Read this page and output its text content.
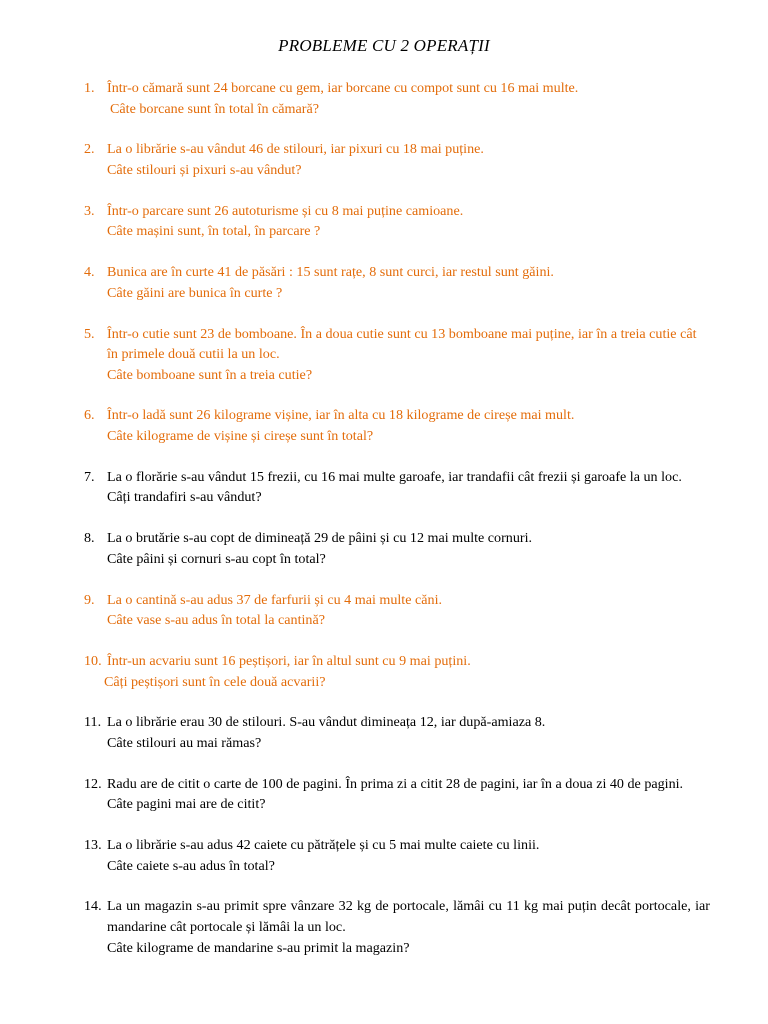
PROBLEME CU 2 OPERAȚII
1. Într-o cămară sunt 24 borcane cu gem, iar borcane cu compot sunt cu 16 mai multe.
Câte borcane sunt în total în cămară?
2. La o librărie s-au vândut 46 de stilouri, iar pixuri cu 18 mai puține.
Câte stilouri și pixuri s-au vândut?
3. Într-o parcare sunt 26 autoturisme și cu 8 mai puține camioane.
Câte mașini sunt, în total, în parcare ?
4. Bunica are în curte 41 de păsări : 15 sunt rațe, 8 sunt curci, iar restul sunt găini.
Câte găini are bunica în curte ?
5. Într-o cutie sunt 23 de bomboane. În a doua cutie sunt cu 13 bomboane mai puține, iar în a treia cutie cât în primele două cutii la un loc.
Câte bomboane sunt în a treia cutie?
6. Într-o ladă sunt 26 kilograme vișine, iar în alta cu 18 kilograme de cireșe mai mult.
Câte kilograme de vișine și cireșe sunt în total?
7. La o florărie s-au vândut 15 frezii, cu 16 mai multe garoafe, iar trandafii cât frezii și garoafe la un loc.
Câți trandafiri s-au vândut?
8. La o brutărie s-au copt de dimineață 29 de pâini și cu 12 mai multe cornuri.
Câte pâini și cornuri s-au copt în total?
9. La o cantină s-au adus 37 de farfurii și cu 4 mai multe căni.
Câte vase s-au adus în total la cantină?
10. Într-un acvariu sunt 16 peștișori, iar în altul sunt cu 9 mai puțini.
Câți peștișori sunt în cele două acvarii?
11. La o librărie erau 30 de stilouri. S-au vândut dimineața 12, iar după-amiaza 8.
Câte stilouri au mai rămas?
12. Radu are de citit o carte de 100 de pagini. În prima zi a citit 28 de pagini, iar în a doua zi 40 de pagini.
Câte pagini mai are de citit?
13. La o librărie s-au adus 42 caiete cu pătrățele și cu 5 mai multe caiete cu linii.
Câte caiete s-au adus în total?
14. La un magazin s-au primit spre vânzare 32 kg de portocale, lămâi cu 11 kg mai puțin decât portocale, iar mandarine cât portocale și lămâi la un loc.
Câte kilograme de mandarine s-au primit la magazin?
